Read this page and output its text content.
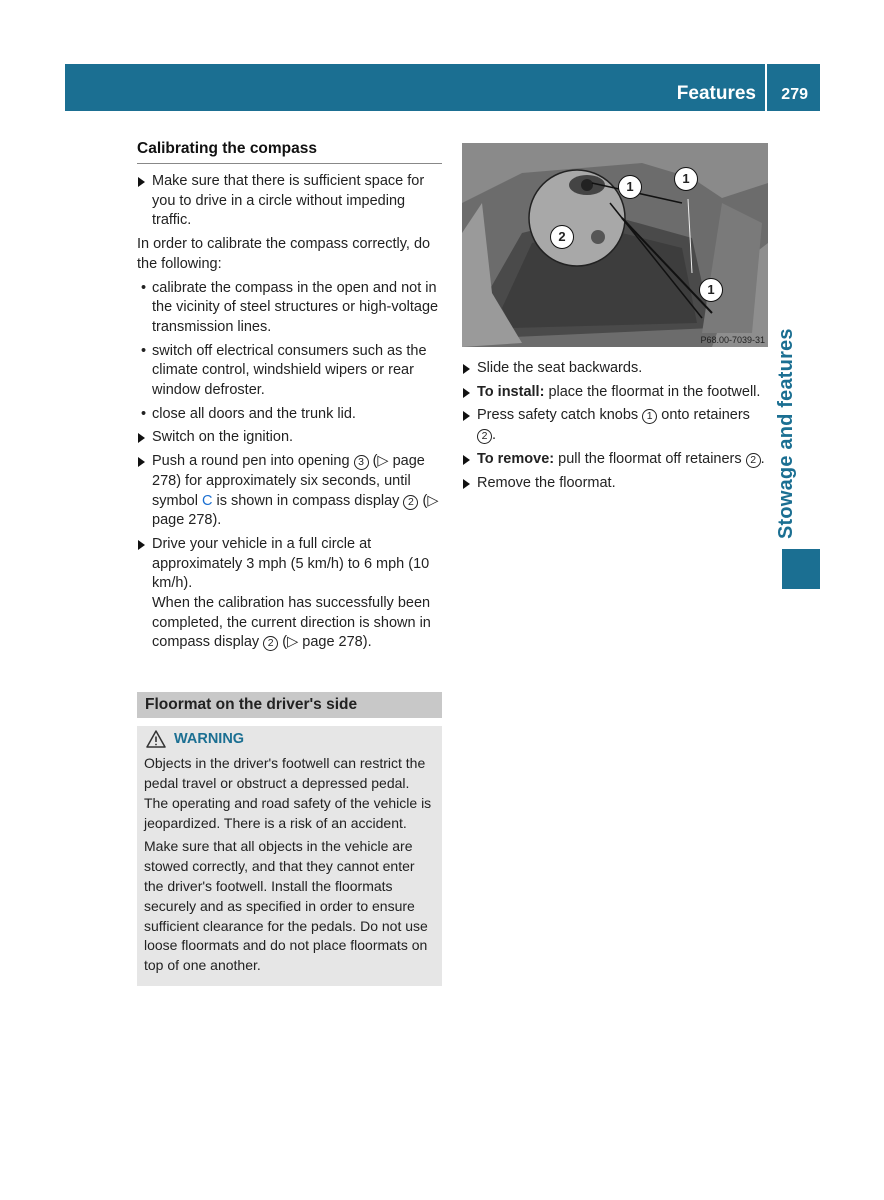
Features 279
Stowage and features
Calibrating the compass
Make sure that there is sufficient space for you to drive in a circle without impeding traffic.
In order to calibrate the compass correctly, do the following:
• calibrate the compass in the open and not in the vicinity of steel structures or high-voltage transmission lines.
• switch off electrical consumers such as the climate control, windshield wipers or rear window defroster.
• close all doors and the trunk lid.
Switch on the ignition.
Push a round pen into opening 3 (▷ page 278) for approximately six seconds, until symbol C is shown in compass display 2 (▷ page 278).
Drive your vehicle in a full circle at approximately 3 mph (5 km/h) to 6 mph (10 km/h).
When the calibration has successfully been completed, the current direction is shown in compass display 2 (▷ page 278).
Floormat on the driver's side
WARNING
Objects in the driver's footwell can restrict the pedal travel or obstruct a depressed pedal. The operating and road safety of the vehicle is jeopardized. There is a risk of an accident.
Make sure that all objects in the vehicle are stowed correctly, and that they cannot enter the driver's footwell. Install the floormats securely and as specified in order to ensure sufficient clearance for the pedals. Do not use loose floormats and do not place floormats on top of one another.
1
1
1
2
P68.00-7039-31
Slide the seat backwards.
To install: place the floormat in the footwell.
Press safety catch knobs 1 onto retainers 2 .
To remove: pull the floormat off retainers 2 .
Remove the floormat.
